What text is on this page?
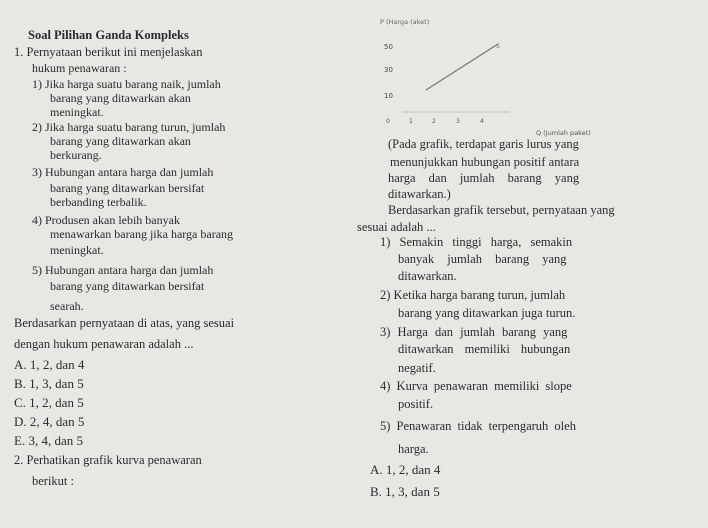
Soal Pilihan Ganda Kompleks
1. Pernyataan berikut ini menjelaskan
hukum penawaran :
1) Jika harga suatu barang naik, jumlah
barang yang ditawarkan akan
meningkat.
2) Jika harga suatu barang turun, jumlah
barang yang ditawarkan akan
berkurang.
3) Hubungan antara harga dan jumlah
barang yang ditawarkan bersifat
berbanding terbalik.
4) Produsen akan lebih banyak
menawarkan barang jika harga barang
meningkat.
5) Hubungan antara harga dan jumlah
barang yang ditawarkan bersifat
searah.
Berdasarkan pernyataan di atas, yang sesuai
dengan hukum penawaran adalah ...
A. 1, 2, dan 4
B. 1, 3, dan 5
C. 1, 2, dan 5
D. 2, 4, dan 5
E. 3, 4, dan 5
2. Perhatikan grafik kurva penawaran
berikut :
P (Harga (aket)
50
30
10
S
0	1	2	3	4
Q (Jumlah paket)
(Pada grafik, terdapat garis lurus yang
menunjukkan hubungan positif antara
harga dan jumlah barang yang
ditawarkan.)
Berdasarkan grafik tersebut, pernyataan yang
sesuai adalah ...
1) Semakin tinggi harga, semakin
banyak jumlah barang yang
ditawarkan.
2) Ketika harga barang turun, jumlah
barang yang ditawarkan juga turun.
3) Harga dan jumlah barang yang
ditawarkan memiliki hubungan
negatif.
4) Kurva penawaran memiliki slope
positif.
5) Penawaran tidak terpengaruh oleh
harga.
A. 1, 2, dan 4
B. 1, 3, dan 5
